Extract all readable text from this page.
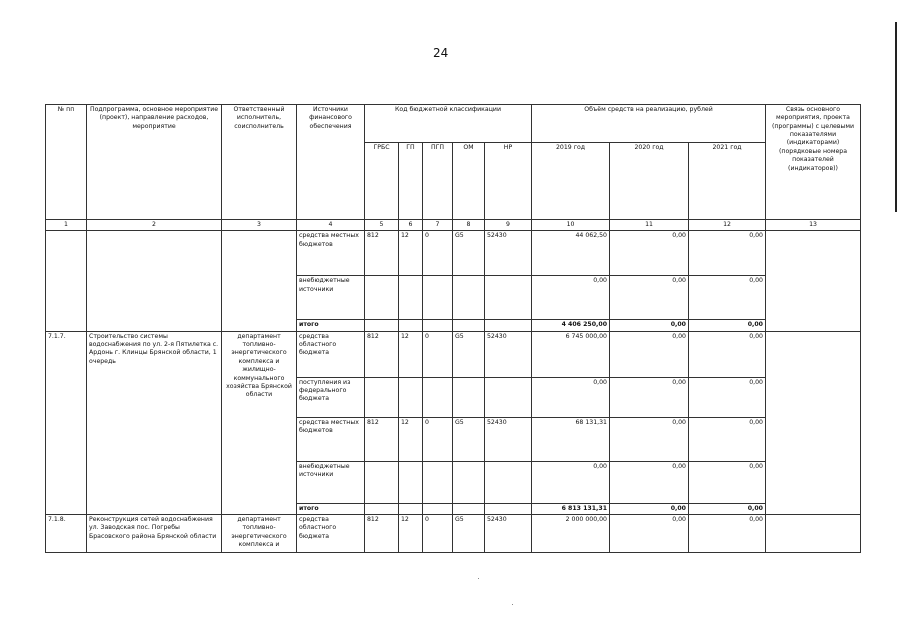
24
№ пп	Подпрограмма, основное мероприятие (проект), направление расходов, мероприятие	Ответственный исполнитель, соисполнитель	Источники финансового обеспечения	Код бюджетной классификации					Объём средств на реализацию, рублей			Связь основного мероприятия, проекта (программы) с целевыми показателями (индикаторами) (порядковые номера показателей (индикаторов))
				ГРБС	ГП	ПГП	ОМ	НР	2019 год	2020 год	2021 год	
1	2	3	4	5	6	7	8	9	10	11	12	13
			средства местных бюджетов	812	12	0	G5	52430	44 062,50	0,00	0,00	
			внебюджетные источники						0,00	0,00	0,00	
			итого						4 406 250,00	0,00	0,00	
7.1.7.	Строительство системы водоснабжения по ул. 2-я Пятилетка с. Ардонь г. Клинцы Брянской области, 1 очередь	департамент топливно-энергетического комплекса и жилищно-коммунального хозяйства Брянской области	средства областного бюджета	812	12	0	G5	52430	6 745 000,00	0,00	0,00	
			поступления из федерального бюджета						0,00	0,00	0,00	
			средства местных бюджетов	812	12	0	G5	52430	68 131,31	0,00	0,00	
			внебюджетные источники						0,00	0,00	0,00	
			итого						6 813 131,31	0,00	0,00	
7.1.8.	Реконструкция сетей водоснабжения ул. Заводская пос. Погребы Брасовского района Брянской области	департамент топливно-энергетического комплекса и	средства областного бюджета	812	12	0	G5	52430	2 000 000,00	0,00	0,00	
